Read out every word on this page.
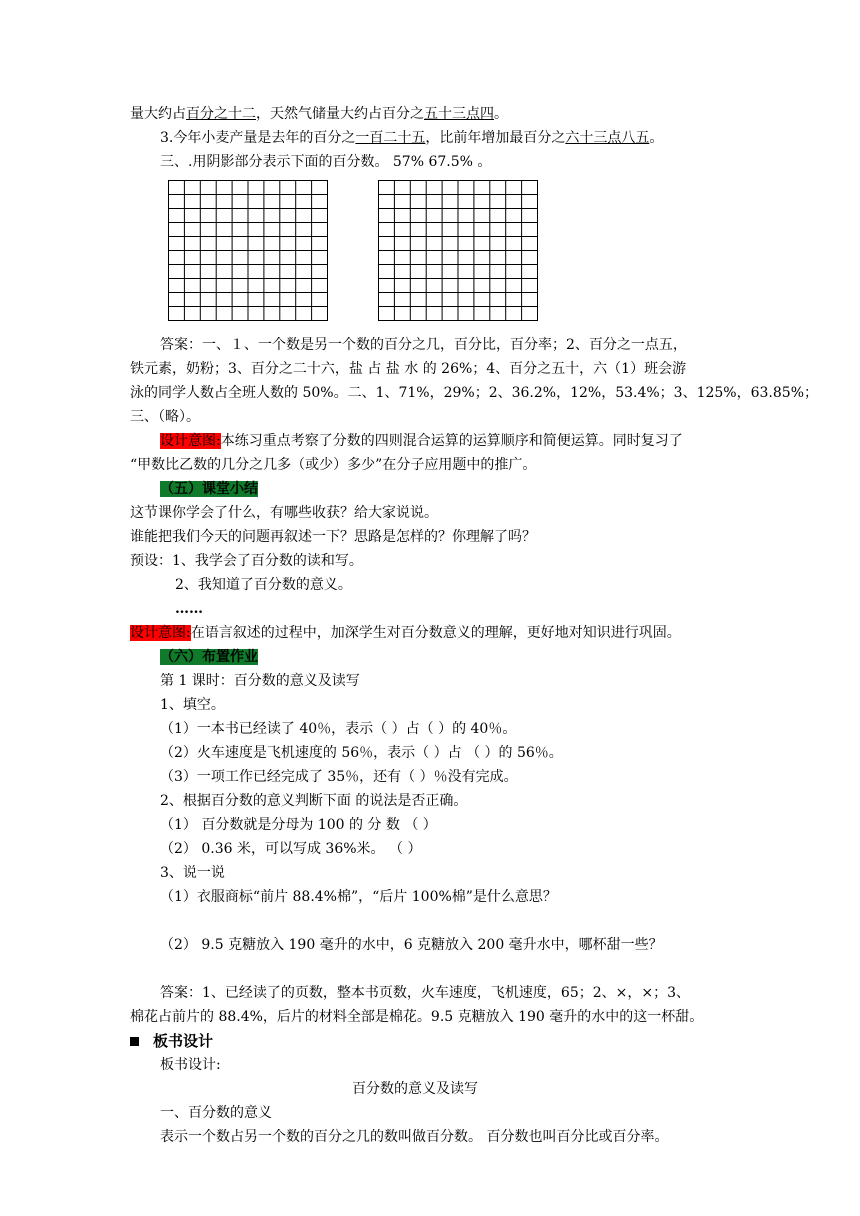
量大约占百分之十二，天然气储量大约占百分之五十三点四。
3.今年小麦产量是去年的百分之一百二十五，比前年增加最百分之六十三点八五。
三、.用阴影部分表示下面的百分数。 57% 67.5% 。
答案：一、１、一个数是另一个数的百分之几，百分比，百分率；2、百分之一点五，
铁元素，奶粉；3、百分之二十六，盐 占 盐 水 的 26%；4、百分之五十，六（1）班会游
泳的同学人数占全班人数的 50%。二、1、71%，29%；2、36.2%，12%，53.4%；3、125%，63.85%；
三、（略）。
设计意图:本练习重点考察了分数的四则混合运算的运算顺序和简便运算。同时复习了
“甲数比乙数的几分之几多（或少）多少”在分子应用题中的推广。
（五）课堂小结
这节课你学会了什么，有哪些收获？给大家说说。
谁能把我们今天的问题再叙述一下？思路是怎样的？你理解了吗？
预设：1、我学会了百分数的读和写。
2、我知道了百分数的意义。
……
设计意图:在语言叙述的过程中，加深学生对百分数意义的理解，更好地对知识进行巩固。
（六）布置作业
第 1 课时：百分数的意义及读写
1、填空。
（1）一本书已经读了 40％，表示（ ）占（ ）的 40％。
（2）火车速度是飞机速度的 56％，表示（ ）占 （ ）的 56％。
（3）一项工作已经完成了 35％，还有（ ）％没有完成。
2、根据百分数的意义判断下面 的说法是否正确。
（1） 百分数就是分母为 100 的 分 数 （ ）
（2） 0.36 米，可以写成 36%米。 （ ）
3、说一说
（1）衣服商标“前片 88.4%棉”，“后片 100%棉”是什么意思？
（2） 9.5 克糖放入 190 毫升的水中，6 克糖放入 200 毫升水中，哪杯甜一些？
答案：1、已经读了的页数，整本书页数，火车速度，飞机速度，65；2、×，×；3、
棉花占前片的 88.4%，后片的材料全部是棉花。9.5 克糖放入 190 毫升的水中的这一杯甜。
板书设计
板书设计:
百分数的意义及读写
一、百分数的意义
表示一个数占另一个数的百分之几的数叫做百分数。 百分数也叫百分比或百分率。
